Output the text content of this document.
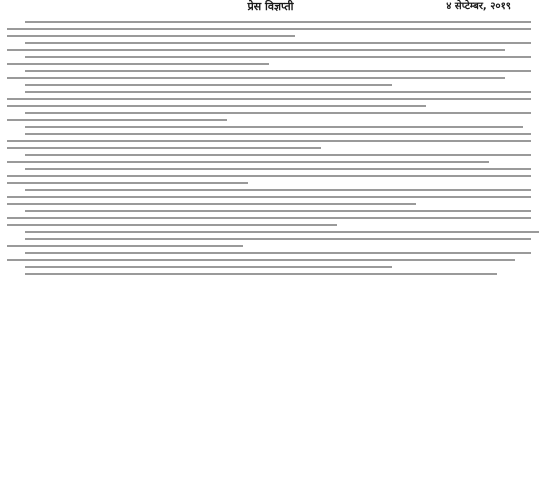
प्रेस विज्ञप्ती	४ सेप्टेम्बर, २०१९
